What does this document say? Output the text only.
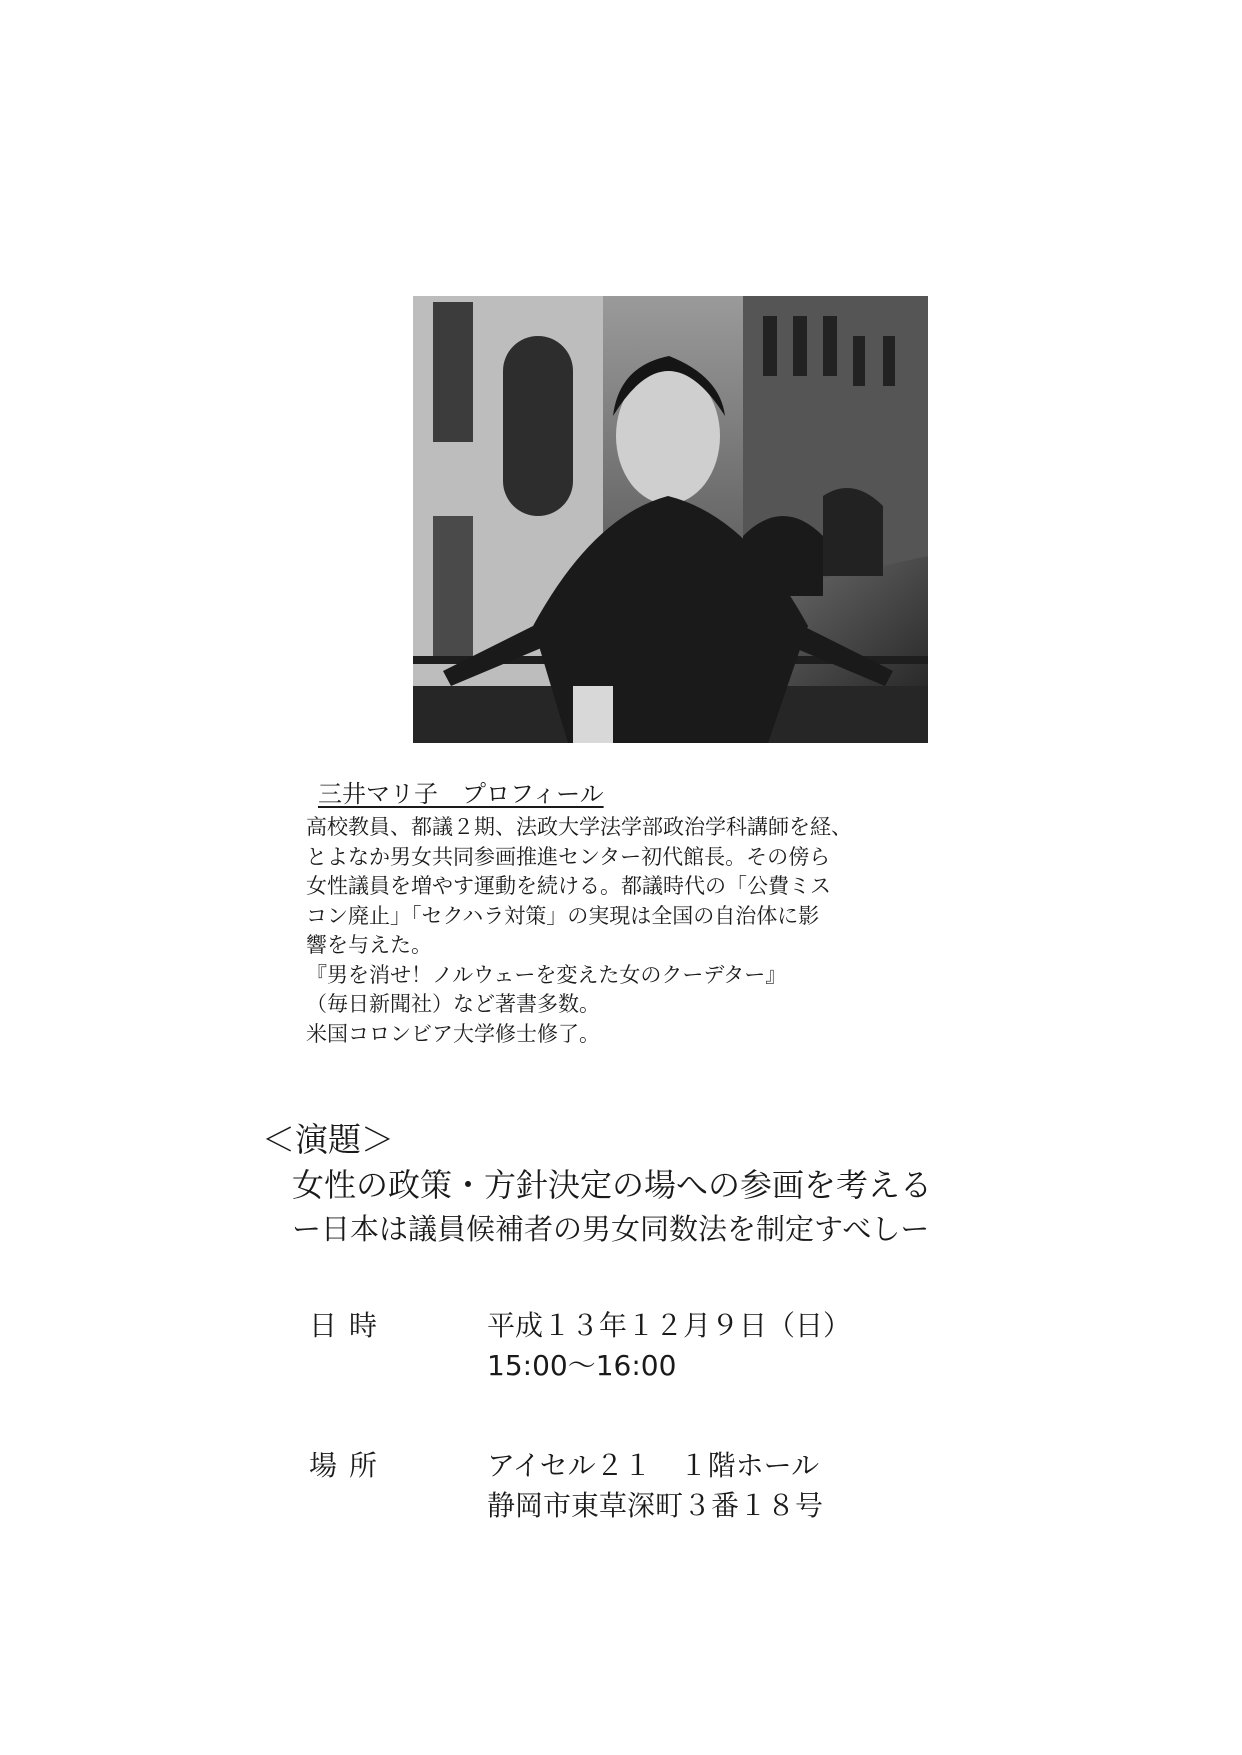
三井マリ子　プロフィール
高校教員、都議２期、法政大学法学部政治学科講師を経、
とよなか男女共同参画推進センター初代館長。その傍ら
女性議員を増やす運動を続ける。都議時代の「公費ミス
コン廃止」「セクハラ対策」の実現は全国の自治体に影
響を与えた。
『男を消せ！ノルウェーを変えた女のクーデター』
（毎日新聞社）など著書多数。
米国コロンビア大学修士修了。
＜演題＞
女性の政策・方針決定の場への参画を考える
ー日本は議員候補者の男女同数法を制定すべしー
日時	平成１３年１２月９日（日）
15:00～16:00
場所	アイセル２１　１階ホール
静岡市東草深町３番１８号
